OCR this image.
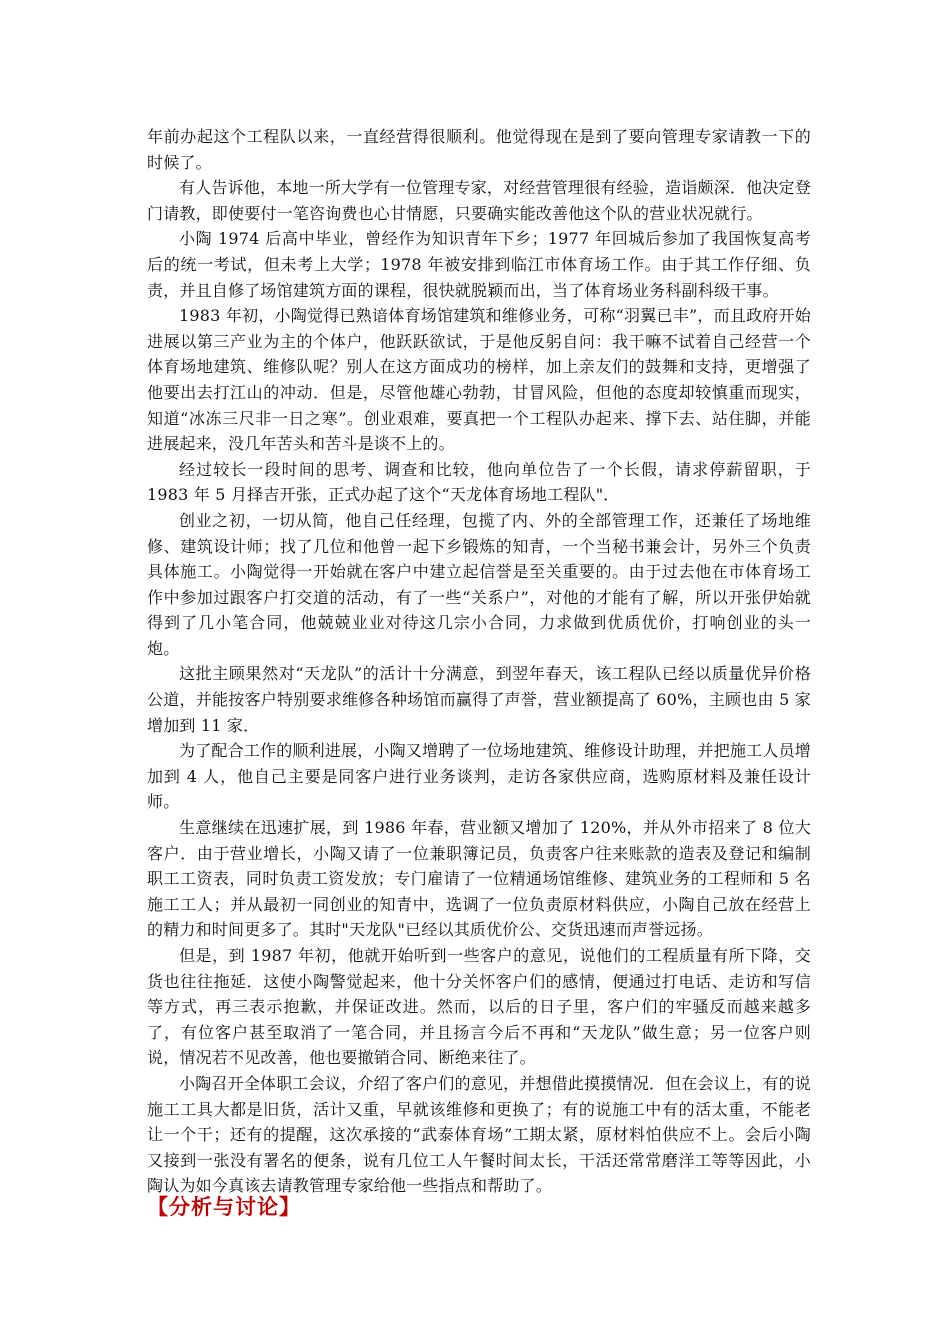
年前办起这个工程队以来，一直经营得很顺利。他觉得现在是到了要向管理专家请教一下的时候了。

有人告诉他，本地一所大学有一位管理专家，对经营管理很有经验，造诣颇深．他决定登门请教，即使要付一笔咨询费也心甘情愿，只要确实能改善他这个队的营业状况就行。

小陶 1974 后高中毕业，曾经作为知识青年下乡；1977 年回城后参加了我国恢复高考后的统一考试，但未考上大学；1978 年被安排到临江市体育场工作。由于其工作仔细、负责，并且自修了场馆建筑方面的课程，很快就脱颖而出，当了体育场业务科副科级干事。

1983 年初，小陶觉得已熟谙体育场馆建筑和维修业务，可称“羽翼已丰”，而且政府开始进展以第三产业为主的个体户，他跃跃欲试，于是他反躬自问：我干嘛不试着自己经营一个体育场地建筑、维修队呢？别人在这方面成功的榜样，加上亲友们的鼓舞和支持，更增强了他要出去打江山的冲动．但是，尽管他雄心勃勃，甘冒风险，但他的态度却较慎重而现实，知道“冰冻三尺非一日之寒”。创业艰难，要真把一个工程队办起来、撑下去、站住脚，并能进展起来，没几年苦头和苦斗是谈不上的。

经过较长一段时间的思考、调查和比较，他向单位告了一个长假，请求停薪留职，于 1983 年 5 月择吉开张，正式办起了这个“天龙体育场地工程队"．

创业之初，一切从简，他自己任经理，包揽了内、外的全部管理工作，还兼任了场地维修、建筑设计师；找了几位和他曾一起下乡锻炼的知青，一个当秘书兼会计，另外三个负责具体施工。小陶觉得一开始就在客户中建立起信誉是至关重要的。由于过去他在市体育场工作中参加过跟客户打交道的活动，有了一些“关系户”，对他的才能有了解，所以开张伊始就得到了几小笔合同，他兢兢业业对待这几宗小合同，力求做到优质优价，打响创业的头一炮。

这批主顾果然对“天龙队”的活计十分满意，到翌年春天，该工程队已经以质量优异价格公道，并能按客户特别要求维修各种场馆而赢得了声誉，营业额提高了 60%，主顾也由 5 家增加到 11 家．

为了配合工作的顺利进展，小陶又增聘了一位场地建筑、维修设计助理，并把施工人员增加到 4 人，他自己主要是同客户进行业务谈判，走访各家供应商，选购原材料及兼任设计师。

生意继续在迅速扩展，到 1986 年春，营业额又增加了 120%，并从外市招来了 8 位大客户．由于营业增长，小陶又请了一位兼职簿记员，负责客户往来账款的造表及登记和编制职工工资表，同时负责工资发放；专门雇请了一位精通场馆维修、建筑业务的工程师和 5 名施工工人；并从最初一同创业的知青中，选调了一位负责原材料供应，小陶自己放在经营上的精力和时间更多了。其时"天龙队"已经以其质优价公、交货迅速而声誉远扬。

但是，到 1987 年初，他就开始听到一些客户的意见，说他们的工程质量有所下降，交货也往往拖延．这使小陶警觉起来，他十分关怀客户们的感情，便通过打电话、走访和写信等方式，再三表示抱歉，并保证改进。然而，以后的日子里，客户们的牢骚反而越来越多了，有位客户甚至取消了一笔合同，并且扬言今后不再和“天龙队”做生意；另一位客户则说，情况若不见改善，他也要撤销合同、断绝来往了。

小陶召开全体职工会议，介绍了客户们的意见，并想借此摸摸情况．但在会议上，有的说施工工具大都是旧货，活计又重，早就该维修和更换了；有的说施工中有的活太重，不能老让一个干；还有的提醒，这次承接的“武泰体育场”工期太紧，原材料怕供应不上。会后小陶又接到一张没有署名的便条，说有几位工人午餐时间太长，干活还常常磨洋工等等因此，小陶认为如今真该去请教管理专家给他一些指点和帮助了。

【分析与讨论】
